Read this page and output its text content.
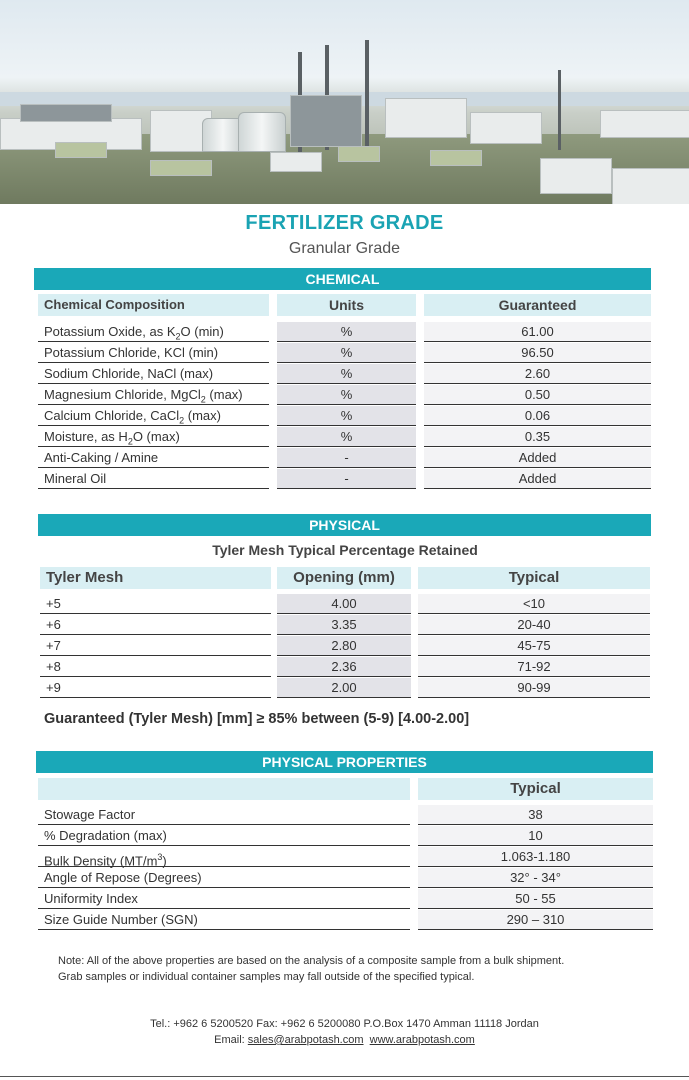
FERTILIZER GRADE
Granular Grade
CHEMICAL
Chemical Composition	Units	Guaranteed
Potassium Oxide, as $K_2O$ (min)	%	61.00
Potassium Chloride, KCl (min)	%	96.50
Sodium Chloride, NaCl (max)	%	2.60
Magnesium Chloride, MgCl$_2$ (max)	%	0.50
Calcium Chloride, CaCl$_2$ (max)	%	0.06
Moisture, as $H_2O$ (max)	%	0.35
Anti-Caking / Amine	-	Added
Mineral Oil	-	Added
PHYSICAL
Tyler Mesh Typical Percentage Retained
Tyler Mesh	Opening (mm)	Typical
+5	4.00	<10
+6	3.35	20-40
+7	2.80	45-75
+8	2.36	71-92
+9	2.00	90-99
Guaranteed (Tyler Mesh) [mm] ≥ 85% between (5-9) [4.00-2.00]
PHYSICAL PROPERTIES
Typical
Stowage Factor	38
% Degradation (max)	10
Bulk Density $(MT/m^3)$	1.063-1.180
Angle of Repose (Degrees)	32° - 34°
Uniformity Index	50 - 55
Size Guide Number (SGN)	290 – 310
Note: All of the above properties are based on the analysis of a composite sample from a bulk shipment.
Grab samples or individual container samples may fall outside of the specified typical.
Tel.: +962 6 5200520 Fax: +962 6 5200080 P.O.Box 1470 Amman 11118 Jordan
Email: sales@arabpotash.com www.arabpotash.com
